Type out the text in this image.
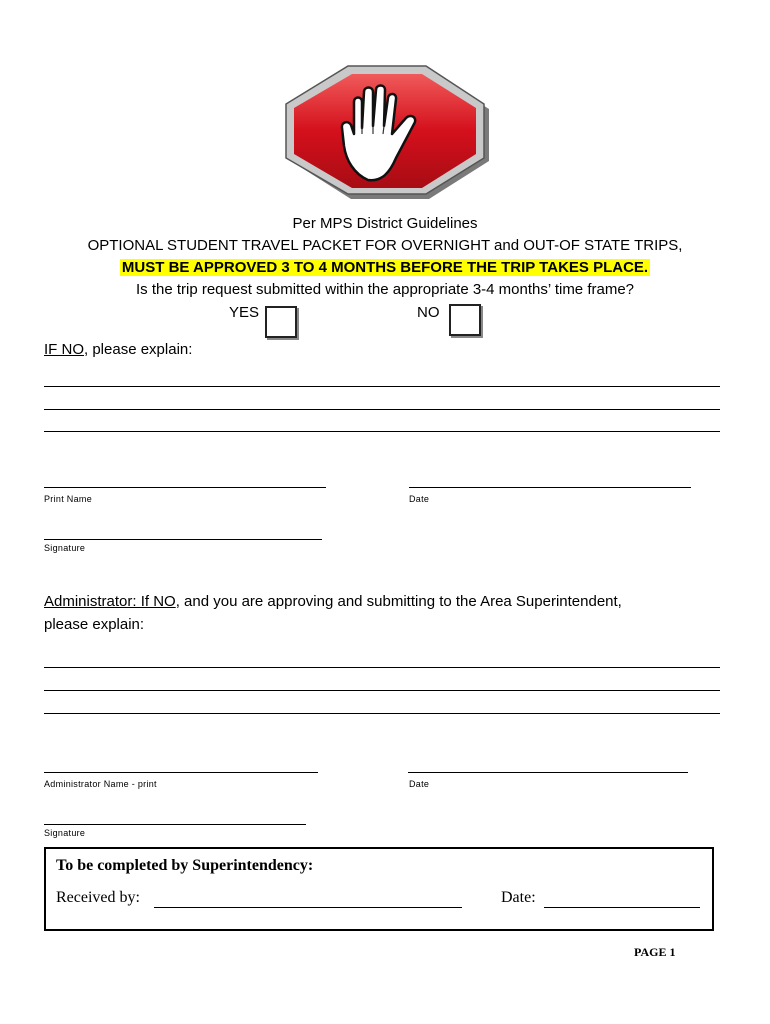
Per MPS District Guidelines
OPTIONAL STUDENT TRAVEL PACKET FOR OVERNIGHT and OUT-OF STATE TRIPS,
MUST BE APPROVED 3 TO 4 MONTHS BEFORE THE TRIP TAKES PLACE.
Is the trip request submitted within the appropriate 3-4 months’ time frame?
YES	NO
IF NO, please explain:
Print Name	Date
Signature
Administrator: If NO, and you are approving and submitting to the Area Superintendent,
please explain:
Administrator Name - print	Date
Signature
To be completed by Superintendency:
Received by:	Date:
PAGE 1
